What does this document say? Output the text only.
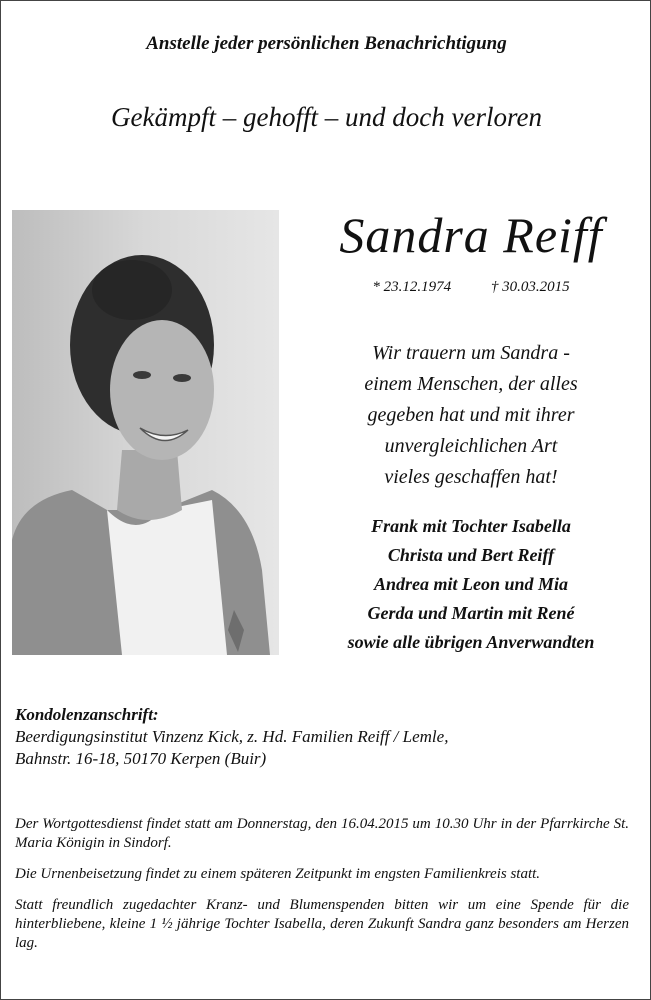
Anstelle jeder persönlichen Benachrichtigung
Gekämpft – gehofft – und doch verloren
Sandra Reiff
* 23.12.1974	† 30.03.2015
Wir trauern um Sandra -
einem Menschen, der alles
gegeben hat und mit ihrer
unvergleichlichen Art
vieles geschaffen hat!
Frank mit Tochter Isabella
Christa und Bert Reiff
Andrea mit Leon und Mia
Gerda und Martin mit René
sowie alle übrigen Anverwandten
Kondolenzanschrift:
Beerdigungsinstitut Vinzenz Kick, z. Hd. Familien Reiff / Lemle,
Bahnstr. 16-18, 50170 Kerpen (Buir)

Der Wortgottesdienst findet statt am Donnerstag, den 16.04.2015 um 10.30 Uhr in der Pfarrkirche St. Maria Königin in Sindorf.

Die Urnenbeisetzung findet zu einem späteren Zeitpunkt im engsten Familienkreis statt.

Statt freundlich zugedachter Kranz- und Blumenspenden bitten wir um eine Spende für die hinterbliebene, kleine 1 ½ jährige Tochter Isabella, deren Zukunft Sandra ganz besonders am Herzen lag.
